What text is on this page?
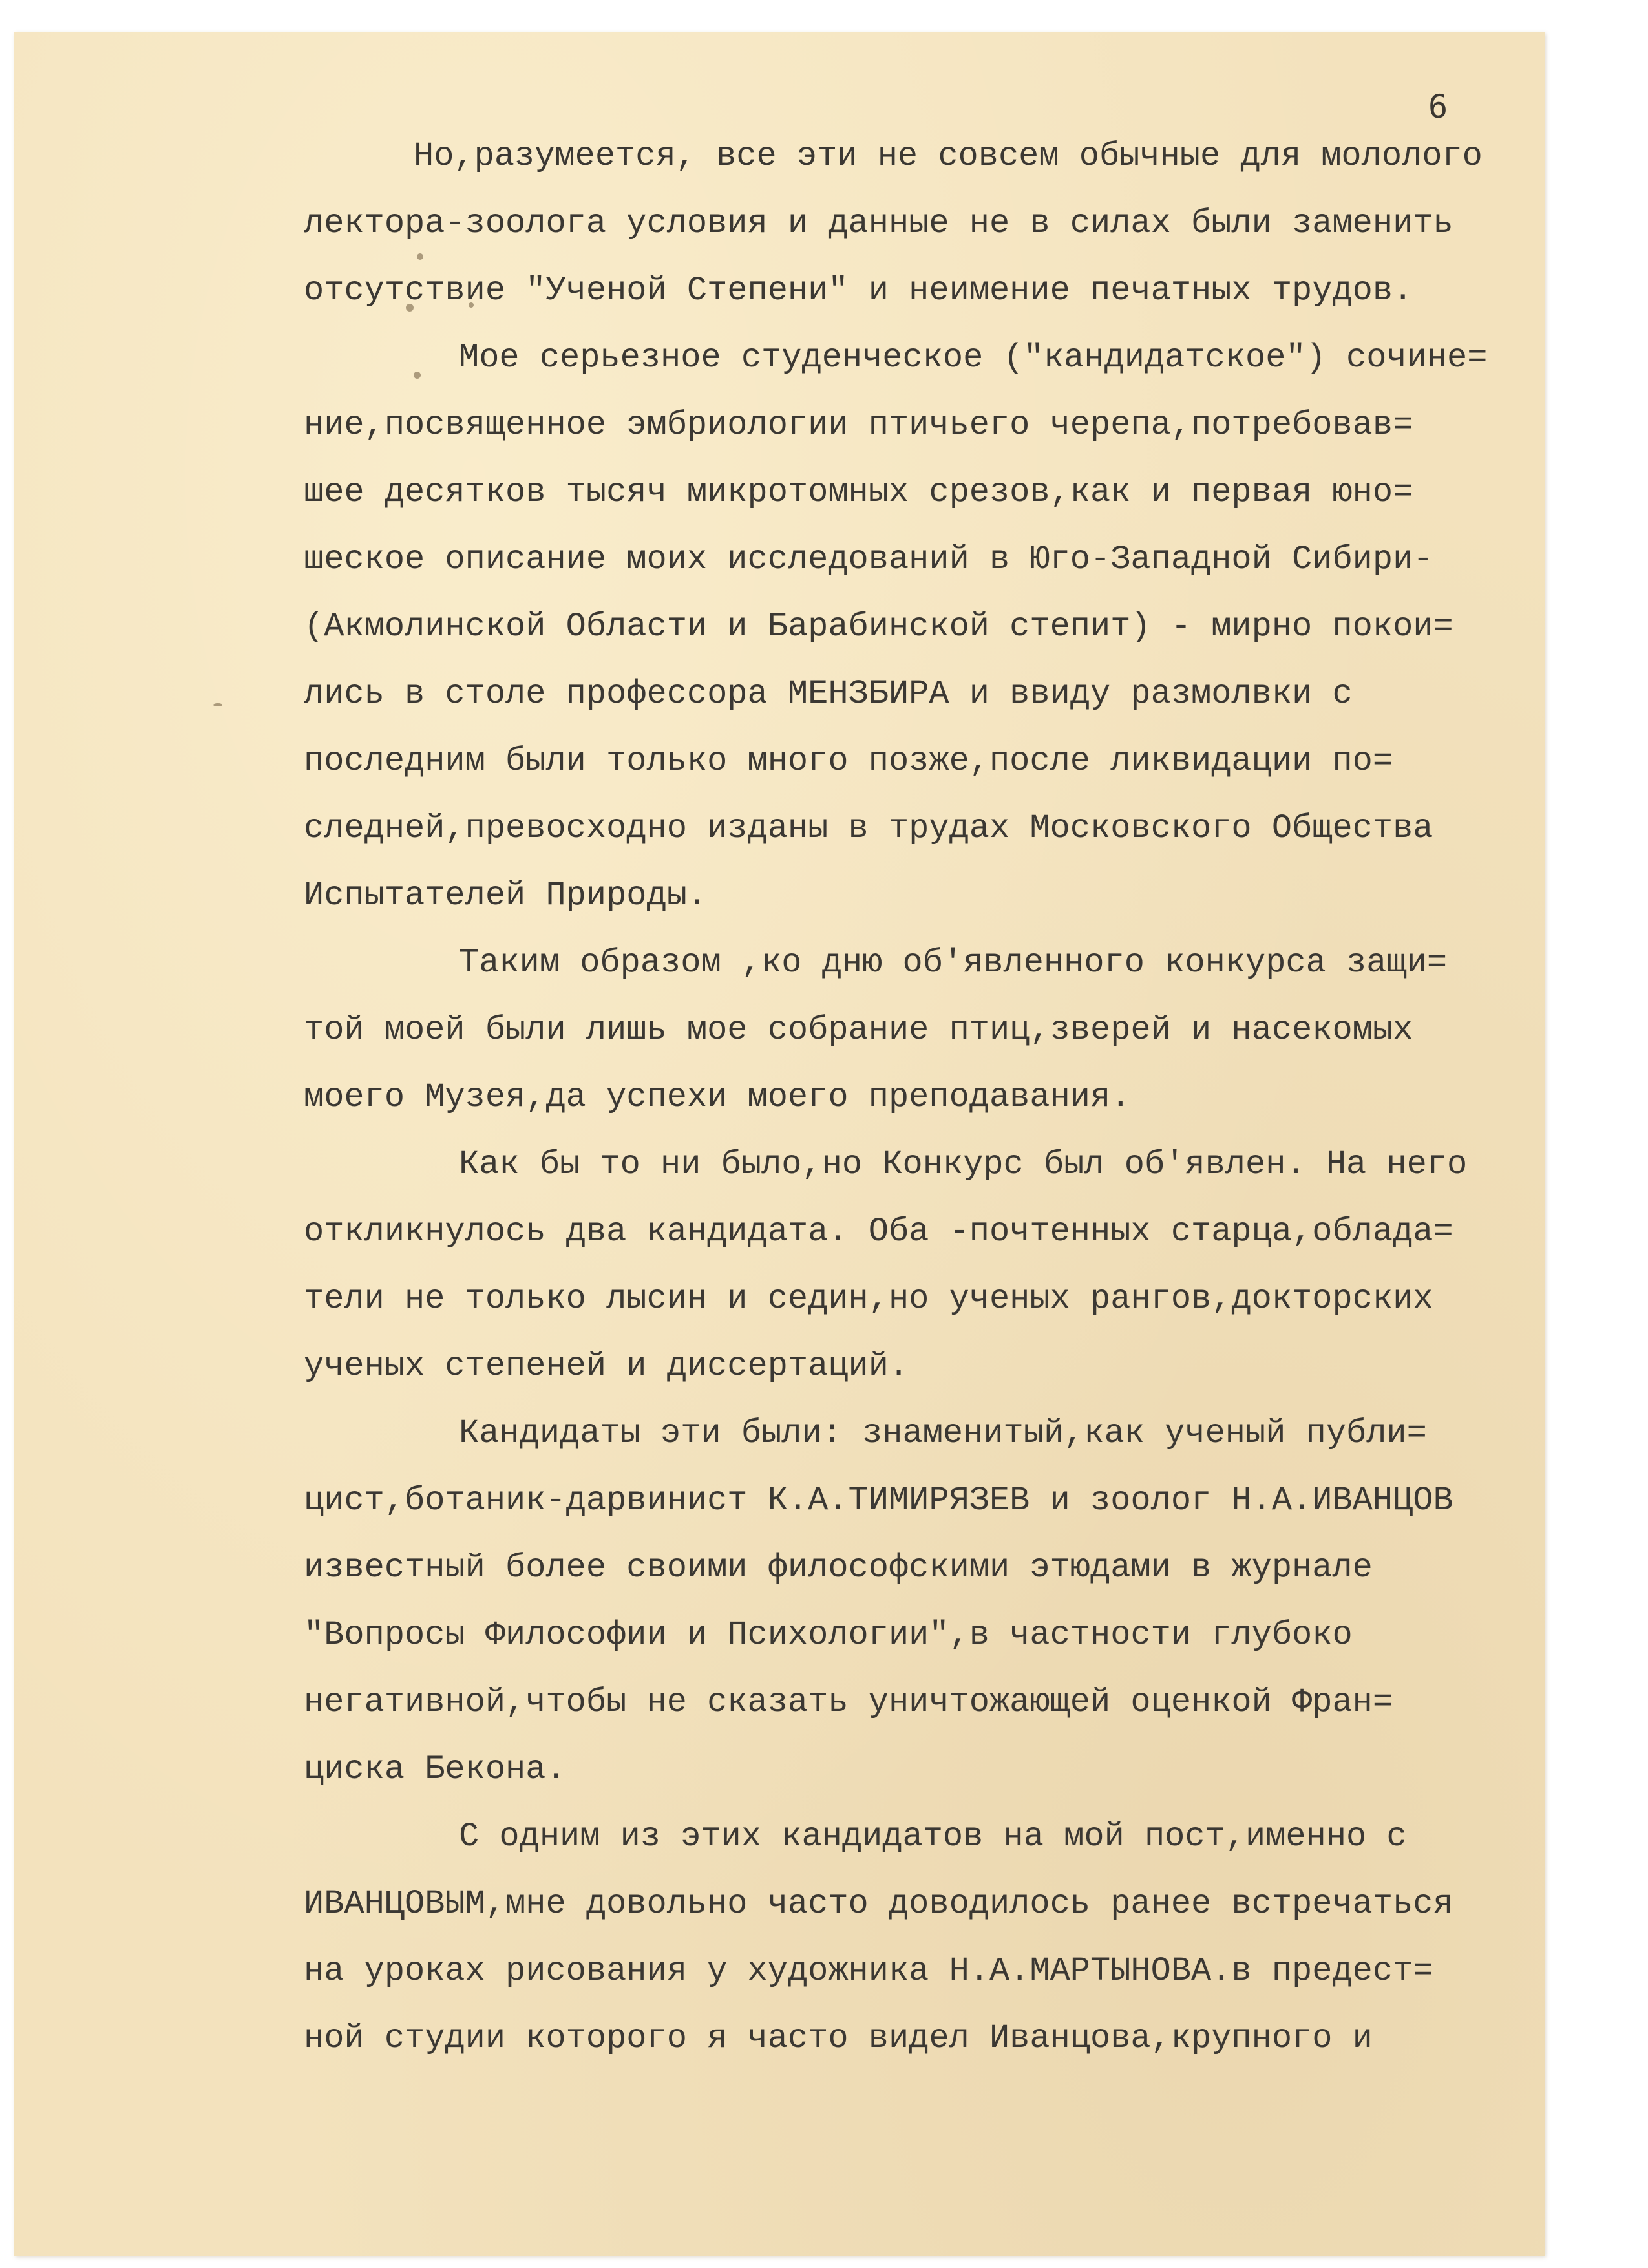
6

Но,разумеется, все эти не совсем обычные для мололого
лектора-зоолога условия и данные не в силах были заменить
отсутствие "Ученой Степени" и неимение печатных трудов.
Мое серьезное студенческое ("кандидатское") сочине=
ние,посвященное эмбриологии птичьего черепа,потребовав=
шее десятков тысяч микротомных срезов,как и первая юно=
шеское описание моих исследований в Юго-Западной Сибири-
(Акмолинской Области и Барабинской степит) - мирно покои=
лись в столе профессора МЕНЗБИРА и ввиду размолвки с
последним были только много позже,после ликвидации по=
следней,превосходно изданы в трудах Московского Общества
Испытателей Природы.
Таким образом ,ко дню об'явленного конкурса защи=
той моей были лишь мое собрание птиц,зверей и насекомых
моего Музея,да успехи моего преподавания.
Как бы то ни было,но Конкурс был об'явлен. На него
откликнулось два кандидата. Оба -почтенных старца,облада=
тели не только лысин и седин,но ученых рангов,докторских
ученых степеней и диссертаций.
Кандидаты эти были: знаменитый,как ученый публи=
цист,ботаник-дарвинист К.А.ТИМИРЯЗЕВ и зоолог Н.А.ИВАНЦОВ
известный более своими философскими этюдами в журнале
"Вопросы Философии и Психологии",в частности глубоко
негативной,чтобы не сказать уничтожающей оценкой Фран=
циска Бекона.
С одним из этих кандидатов на мой пост,именно с
ИВАНЦОВЫМ,мне довольно часто доводилось ранее встречаться
на уроках рисования у художника Н.А.МАРТЫНОВА.в предест=
ной студии которого я часто видел Иванцова,крупного и
